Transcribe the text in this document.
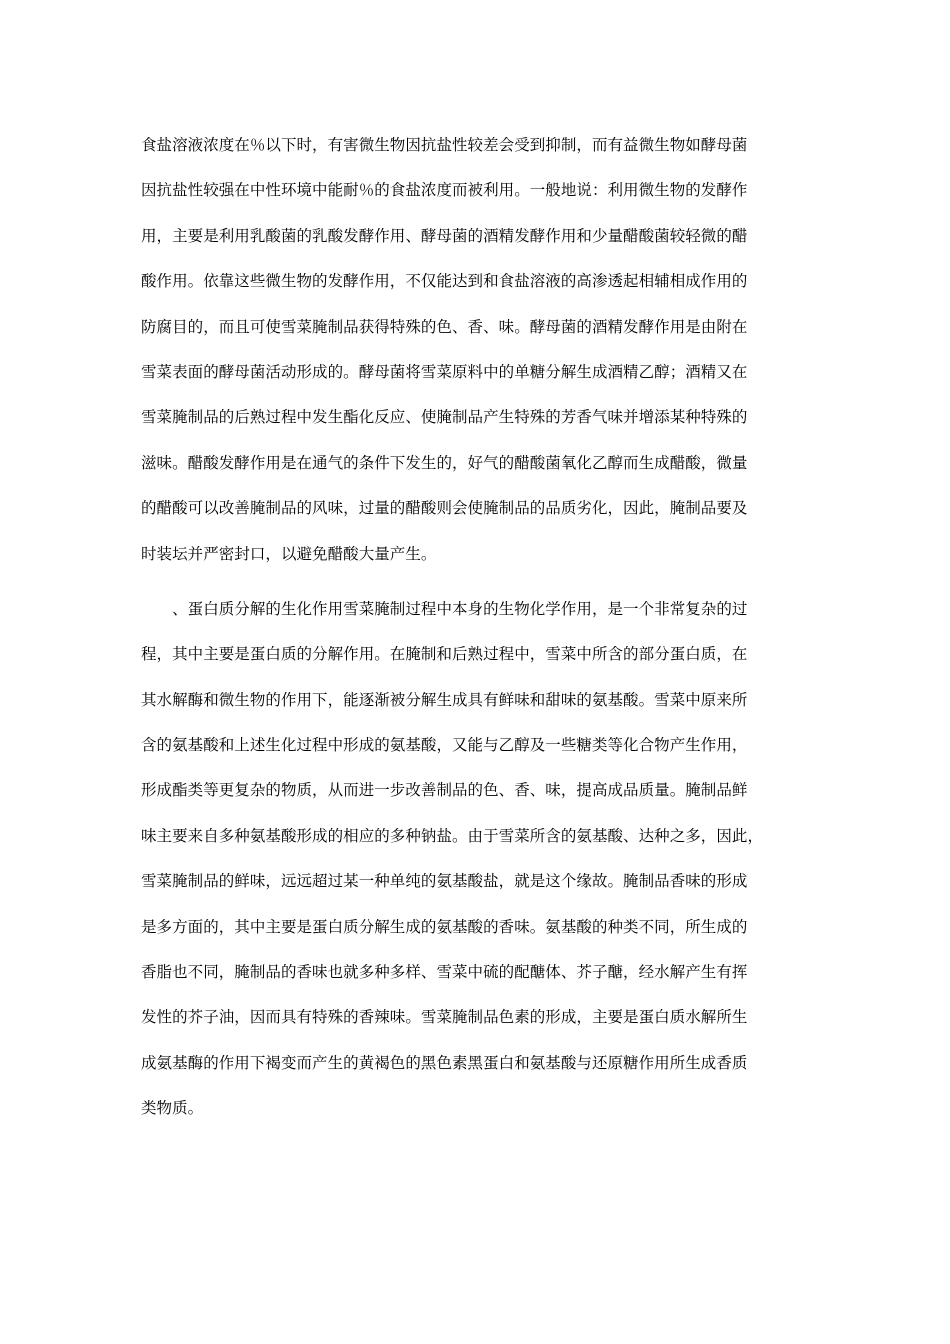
食盐溶液浓度在％以下时，有害微生物因抗盐性较差会受到抑制，而有益微生物如酵母菌
因抗盐性较强在中性环境中能耐％的食盐浓度而被利用。一般地说：利用微生物的发酵作
用，主要是利用乳酸菌的乳酸发酵作用、酵母菌的酒精发酵作用和少量醋酸菌较轻微的醋
酸作用。依靠这些微生物的发酵作用，不仅能达到和食盐溶液的高渗透起相辅相成作用的
防腐目的，而且可使雪菜腌制品获得特殊的色、香、味。酵母菌的酒精发酵作用是由附在
雪菜表面的酵母菌活动形成的。酵母菌将雪菜原料中的单糖分解生成酒精乙醇；酒精又在
雪菜腌制品的后熟过程中发生酯化反应、使腌制品产生特殊的芳香气味并增添某种特殊的
滋味。醋酸发酵作用是在通气的条件下发生的，好气的醋酸菌氧化乙醇而生成醋酸，微量
的醋酸可以改善腌制品的风味，过量的醋酸则会使腌制品的品质劣化，因此，腌制品要及
时装坛并严密封口，以避免醋酸大量产生。
　　、蛋白质分解的生化作用雪菜腌制过程中本身的生物化学作用，是一个非常复杂的过
程，其中主要是蛋白质的分解作用。在腌制和后熟过程中，雪菜中所含的部分蛋白质，在
其水解酶和微生物的作用下，能逐渐被分解生成具有鲜味和甜味的氨基酸。雪菜中原来所
含的氨基酸和上述生化过程中形成的氨基酸，又能与乙醇及一些糖类等化合物产生作用，
形成酯类等更复杂的物质，从而进一步改善制品的色、香、味，提高成品质量。腌制品鲜
味主要来自多种氨基酸形成的相应的多种钠盐。由于雪菜所含的氨基酸、达种之多，因此，
雪菜腌制品的鲜味，远远超过某一种单纯的氨基酸盐，就是这个缘故。腌制品香味的形成
是多方面的，其中主要是蛋白质分解生成的氨基酸的香味。氨基酸的种类不同，所生成的
香脂也不同，腌制品的香味也就多种多样、雪菜中硫的配醣体、芥子醣，经水解产生有挥
发性的芥子油，因而具有特殊的香辣味。雪菜腌制品色素的形成，主要是蛋白质水解所生
成氨基酶的作用下褐变而产生的黄褐色的黑色素黑蛋白和氨基酸与还原糖作用所生成香质
类物质。
